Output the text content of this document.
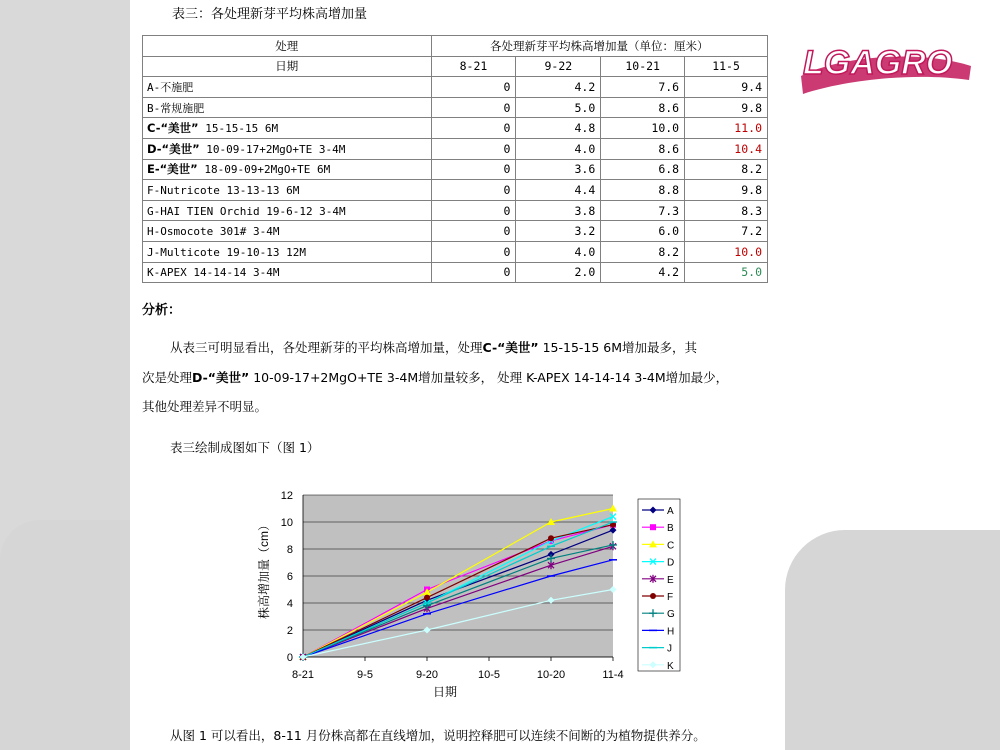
LGAGRO
表三：各处理新芽平均株高增加量
处理	各处理新芽平均株高增加量（单位：厘米）			
日期	8-21	9-22	10-21	11-5
A-不施肥	0	4.2	7.6	9.4
B-常规施肥	0	5.0	8.6	9.8
C-“美世” 15-15-15 6M	0	4.8	10.0	11.0
D-“美世” 10-09-17+2MgO+TE 3-4M	0	4.0	8.6	10.4
E-“美世” 18-09-09+2MgO+TE 6M	0	3.6	6.8	8.2
F-Nutricote 13-13-13 6M	0	4.4	8.8	9.8
G-HAI TIEN Orchid 19-6-12 3-4M	0	3.8	7.3	8.3
H-Osmocote 301# 3-4M	0	3.2	6.0	7.2
J-Multicote 19-10-13 12M	0	4.0	8.2	10.0
K-APEX 14-14-14 3-4M	0	2.0	4.2	5.0
分析：
从表三可明显看出，各处理新芽的平均株高增加量，处理C-“美世” 15-15-15 6M增加最多，其
次是处理D-“美世” 10-09-17+2MgO+TE 3-4M增加量较多， 处理 K-APEX 14-14-14 3-4M增加最少，
其他处理差异不明显。
表三绘制成图如下（图 1）
0
2
4
6
8
10
12
8-21	9-5	9-20	10-5	10-20	11-4
株高增加量（cm）
日期
A
B
C
D
E
F
G
H
J
K
从图 1 可以看出，8-11 月份株高都在直线增加，说明控释肥可以连续不间断的为植物提供养分。
